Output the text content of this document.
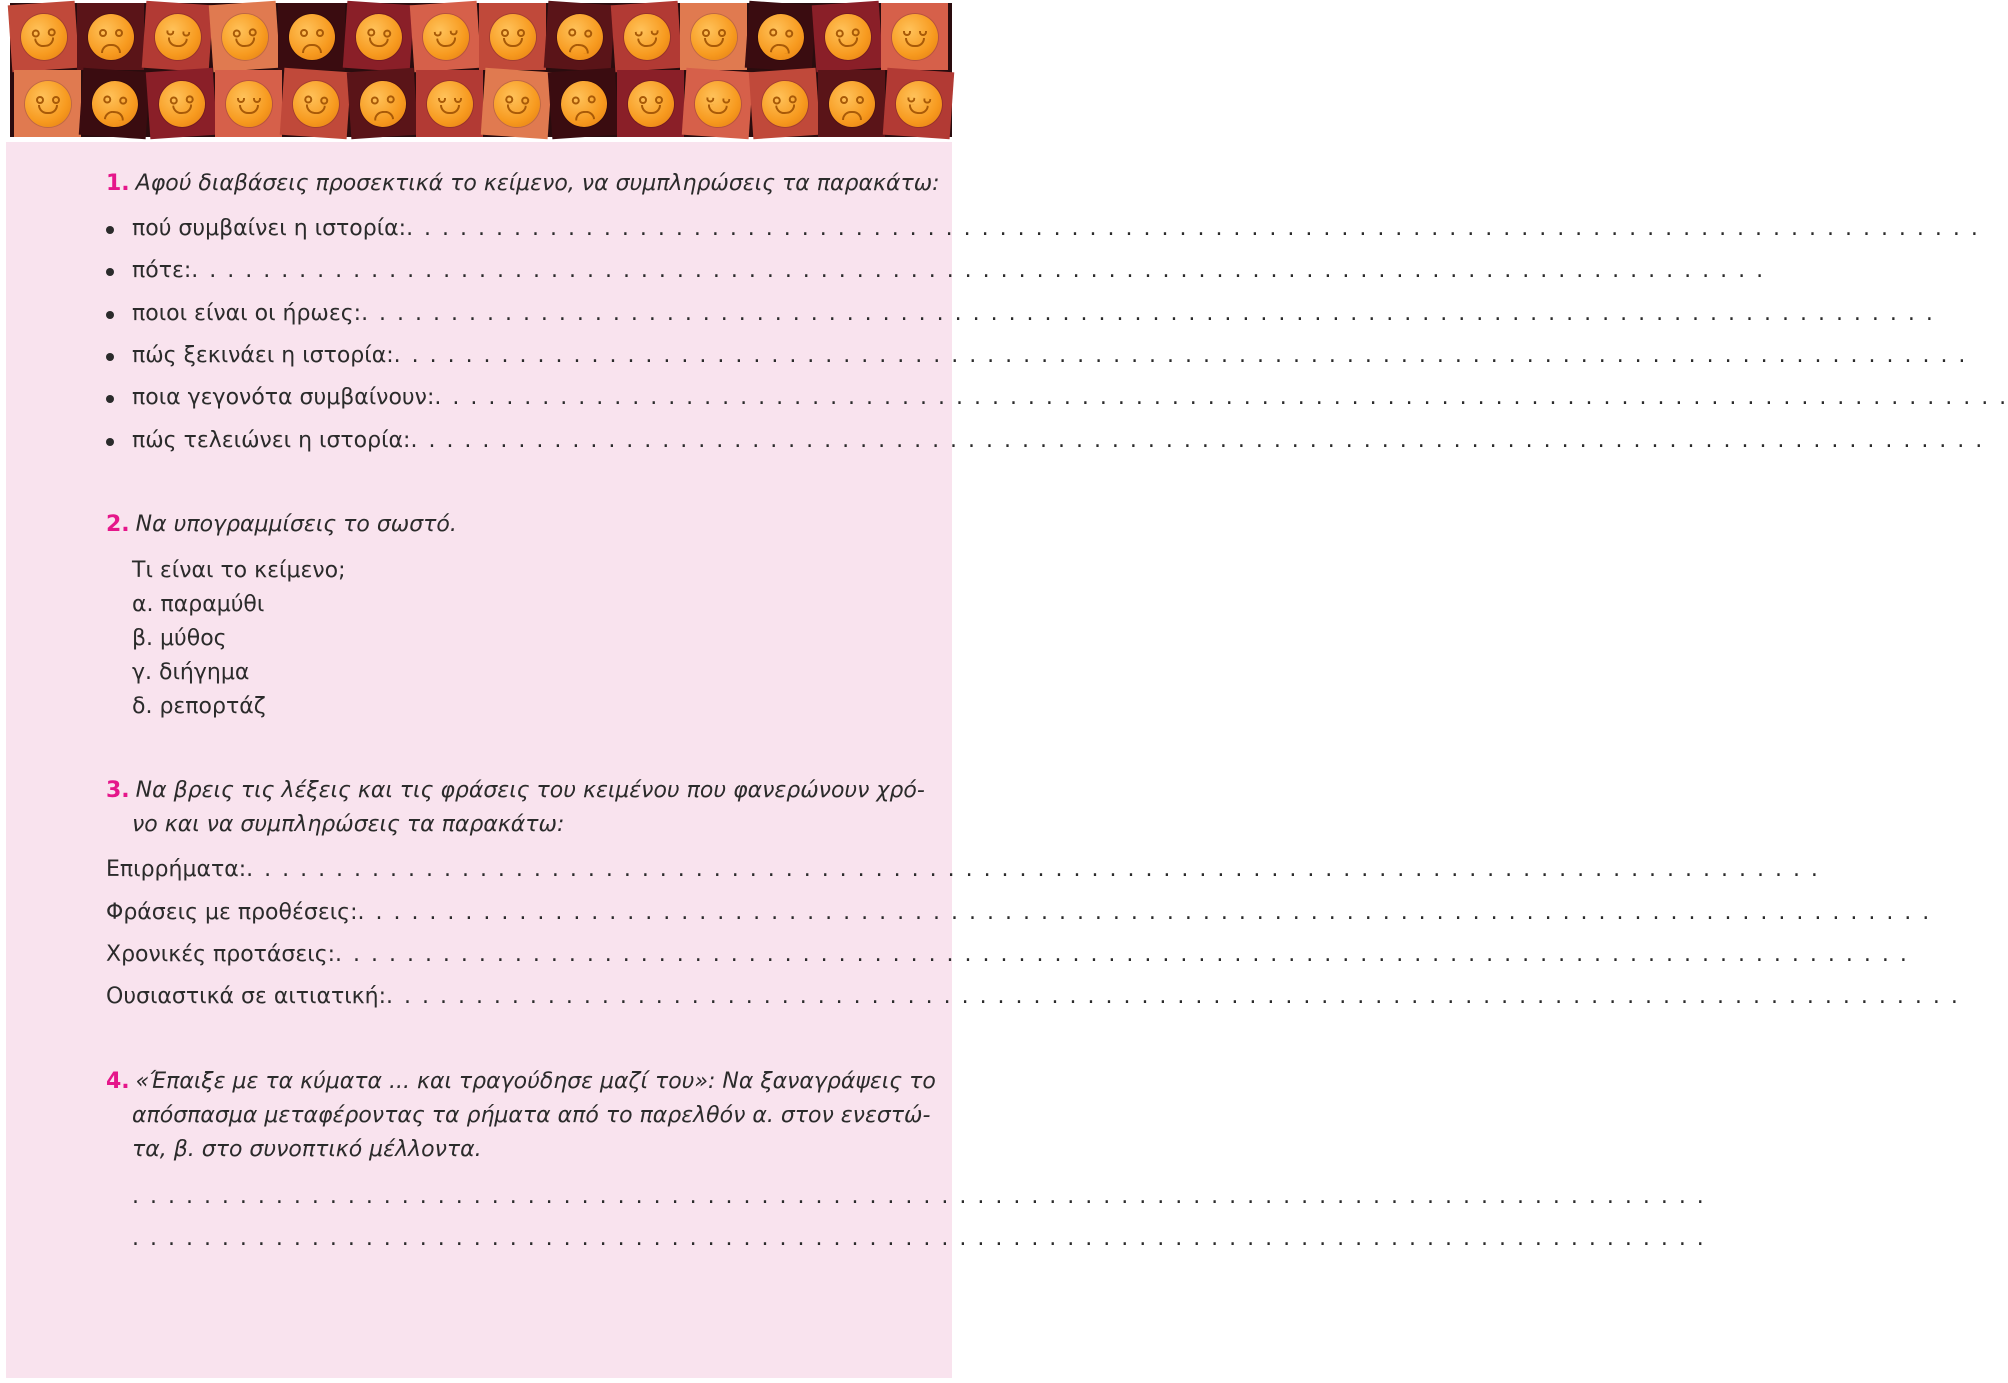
1. Αφού διαβάσεις προσεκτικά το κείμενο, να συμπληρώσεις τα παρακάτω:
πού συμβαίνει η ιστορία:. . . . . . . . . . . . . . . . . . . . . . . . . . . . . . . . . . . . . . . . . . . . . . . . . . . . . . . . . . . . . . . . . . . . . . . . . . . . . . . . . . . . . . . .
πότε:. . . . . . . . . . . . . . . . . . . . . . . . . . . . . . . . . . . . . . . . . . . . . . . . . . . . . . . . . . . . . . . . . . . . . . . . . . . . . . . . . . . . . . . .
ποιοι είναι οι ήρωες:. . . . . . . . . . . . . . . . . . . . . . . . . . . . . . . . . . . . . . . . . . . . . . . . . . . . . . . . . . . . . . . . . . . . . . . . . . . . . . . . . . . . . . . .
πώς ξεκινάει η ιστορία:. . . . . . . . . . . . . . . . . . . . . . . . . . . . . . . . . . . . . . . . . . . . . . . . . . . . . . . . . . . . . . . . . . . . . . . . . . . . . . . . . . . . . . . .
ποια γεγονότα συμβαίνουν:. . . . . . . . . . . . . . . . . . . . . . . . . . . . . . . . . . . . . . . . . . . . . . . . . . . . . . . . . . . . . . . . . . . . . . . . . . . . . . . . . . . . . . . .
πώς τελειώνει η ιστορία:. . . . . . . . . . . . . . . . . . . . . . . . . . . . . . . . . . . . . . . . . . . . . . . . . . . . . . . . . . . . . . . . . . . . . . . . . . . . . . . . . . . . . . . .
2. Να υπογραμμίσεις το σωστό.
Τι είναι το κείμενο;
α. παραμύθι
β. μύθος
γ. διήγημα
δ. ρεπορτάζ
3. Να βρεις τις λέξεις και τις φράσεις του κειμένου που φανερώνουν χρό-
νο και να συμπληρώσεις τα παρακάτω:
Επιρρήματα:. . . . . . . . . . . . . . . . . . . . . . . . . . . . . . . . . . . . . . . . . . . . . . . . . . . . . . . . . . . . . . . . . . . . . . . . . . . . . . . . . . . . . . . .
Φράσεις με προθέσεις:. . . . . . . . . . . . . . . . . . . . . . . . . . . . . . . . . . . . . . . . . . . . . . . . . . . . . . . . . . . . . . . . . . . . . . . . . . . . . . . . . . . . . . . .
Χρονικές προτάσεις:. . . . . . . . . . . . . . . . . . . . . . . . . . . . . . . . . . . . . . . . . . . . . . . . . . . . . . . . . . . . . . . . . . . . . . . . . . . . . . . . . . . . . . . .
Ουσιαστικά σε αιτιατική:. . . . . . . . . . . . . . . . . . . . . . . . . . . . . . . . . . . . . . . . . . . . . . . . . . . . . . . . . . . . . . . . . . . . . . . . . . . . . . . . . . . . . . . .
4. «Έπαιξε με τα κύματα ... και τραγούδησε μαζί του»: Να ξαναγράψεις το
απόσπασμα μεταφέροντας τα ρήματα από το παρελθόν α. στον ενεστώ-
τα, β. στο συνοπτικό μέλλοντα.
. . . . . . . . . . . . . . . . . . . . . . . . . . . . . . . . . . . . . . . . . . . . . . . . . . . . . . . . . . . . . . . . . . . . . . . . . . . . . . . . . . . . . . . .
. . . . . . . . . . . . . . . . . . . . . . . . . . . . . . . . . . . . . . . . . . . . . . . . . . . . . . . . . . . . . . . . . . . . . . . . . . . . . . . . . . . . . . . .
